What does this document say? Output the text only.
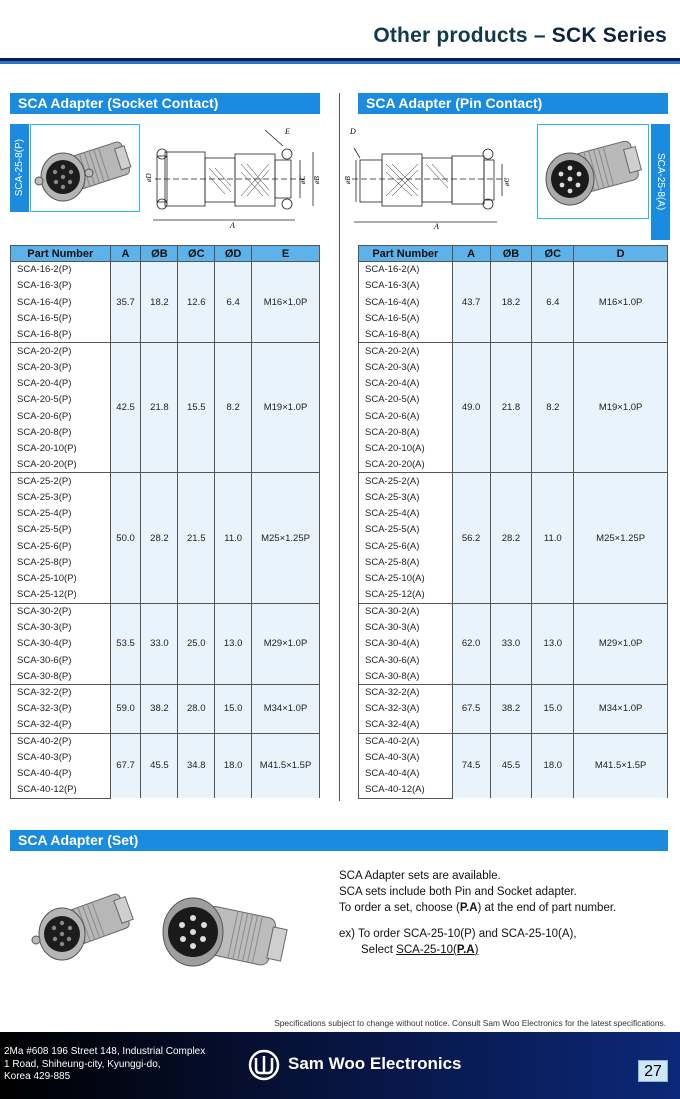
Other products – SCK Series
SCA Adapter (Socket Contact)	SCA Adapter (Pin Contact)
SCA-25-8(P)
E
A
øD	øC øB
D
A
øB	øC	SCA-25-8(A)
Part Number	A	ØB	ØC	ØD	E
SCA-16-2(P)	35.7	18.2	12.6	6.4	M16×1.0P
SCA-16-3(P)					
SCA-16-4(P)					
SCA-16-5(P)					
SCA-16-8(P)					
SCA-20-2(P)	42.5	21.8	15.5	8.2	M19×1.0P
SCA-20-3(P)					
SCA-20-4(P)					
SCA-20-5(P)					
SCA-20-6(P)					
SCA-20-8(P)					
SCA-20-10(P)					
SCA-20-20(P)					
SCA-25-2(P)	50.0	28.2	21.5	11.0	M25×1.25P
SCA-25-3(P)					
SCA-25-4(P)					
SCA-25-5(P)					
SCA-25-6(P)					
SCA-25-8(P)					
SCA-25-10(P)					
SCA-25-12(P)					
SCA-30-2(P)	53.5	33.0	25.0	13.0	M29×1.0P
SCA-30-3(P)					
SCA-30-4(P)					
SCA-30-6(P)					
SCA-30-8(P)					
SCA-32-2(P)	59.0	38.2	28.0	15.0	M34×1.0P
SCA-32-3(P)					
SCA-32-4(P)					
SCA-40-2(P)	67.7	45.5	34.8	18.0	M41.5×1.5P
SCA-40-3(P)					
SCA-40-4(P)					
SCA-40-12(P)					
Part Number	A	ØB	ØC	D
SCA-16-2(A)	43.7	18.2	6.4	M16×1.0P
SCA-16-3(A)				
SCA-16-4(A)				
SCA-16-5(A)				
SCA-16-8(A)				
SCA-20-2(A)	49.0	21.8	8.2	M19×1.0P
SCA-20-3(A)				
SCA-20-4(A)				
SCA-20-5(A)				
SCA-20-6(A)				
SCA-20-8(A)				
SCA-20-10(A)				
SCA-20-20(A)				
SCA-25-2(A)	56.2	28.2	11.0	M25×1.25P
SCA-25-3(A)				
SCA-25-4(A)				
SCA-25-5(A)				
SCA-25-6(A)				
SCA-25-8(A)				
SCA-25-10(A)				
SCA-25-12(A)				
SCA-30-2(A)	62.0	33.0	13.0	M29×1.0P
SCA-30-3(A)				
SCA-30-4(A)				
SCA-30-6(A)				
SCA-30-8(A)				
SCA-32-2(A)	67.5	38.2	15.0	M34×1.0P
SCA-32-3(A)				
SCA-32-4(A)				
SCA-40-2(A)	74.5	45.5	18.0	M41.5×1.5P
SCA-40-3(A)				
SCA-40-4(A)				
SCA-40-12(A)				
SCA Adapter (Set)

SCA Adapter sets are available.

SCA sets include both Pin and Socket adapter.

To order a set, choose (P.A) at the end of part number.

ex) To order SCA-25-10(P) and SCA-25-10(A),

Select SCA-25-10(P.A)

Specifications subject to change without notice. Consult Sam Woo Electronics for the latest specifications.
2Ma #608 196 Street 148, Industrial Complex
1 Road, Shiheung-city, Kyunggi-do,
Korea 429-885
Sam Woo Electronics	27
